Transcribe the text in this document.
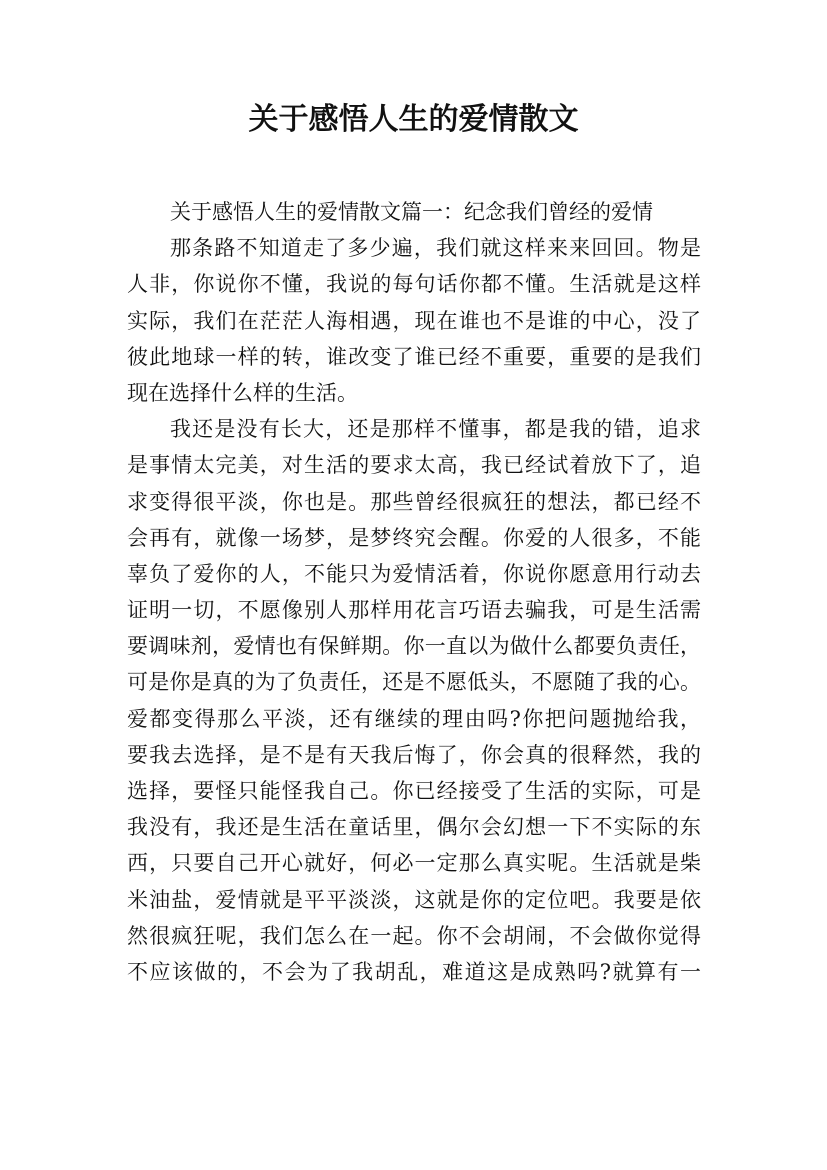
关于感悟人生的爱情散文
关于感悟人生的爱情散文篇一：纪念我们曾经的爱情
那条路不知道走了多少遍，我们就这样来来回回。物是
人非，你说你不懂，我说的每句话你都不懂。生活就是这样
实际，我们在茫茫人海相遇，现在谁也不是谁的中心，没了
彼此地球一样的转，谁改变了谁已经不重要，重要的是我们
现在选择什么样的生活。
我还是没有长大，还是那样不懂事，都是我的错，追求
是事情太完美，对生活的要求太高，我已经试着放下了，追
求变得很平淡，你也是。那些曾经很疯狂的想法，都已经不
会再有，就像一场梦，是梦终究会醒。你爱的人很多，不能
辜负了爱你的人，不能只为爱情活着，你说你愿意用行动去
证明一切，不愿像别人那样用花言巧语去骗我，可是生活需
要调味剂，爱情也有保鲜期。你一直以为做什么都要负责任，
可是你是真的为了负责任，还是不愿低头，不愿随了我的心。
爱都变得那么平淡，还有继续的理由吗?你把问题抛给我，
要我去选择，是不是有天我后悔了，你会真的很释然，我的
选择，要怪只能怪我自己。你已经接受了生活的实际，可是
我没有，我还是生活在童话里，偶尔会幻想一下不实际的东
西，只要自己开心就好，何必一定那么真实呢。生活就是柴
米油盐，爱情就是平平淡淡，这就是你的定位吧。我要是依
然很疯狂呢，我们怎么在一起。你不会胡闹，不会做你觉得
不应该做的，不会为了我胡乱，难道这是成熟吗?就算有一
